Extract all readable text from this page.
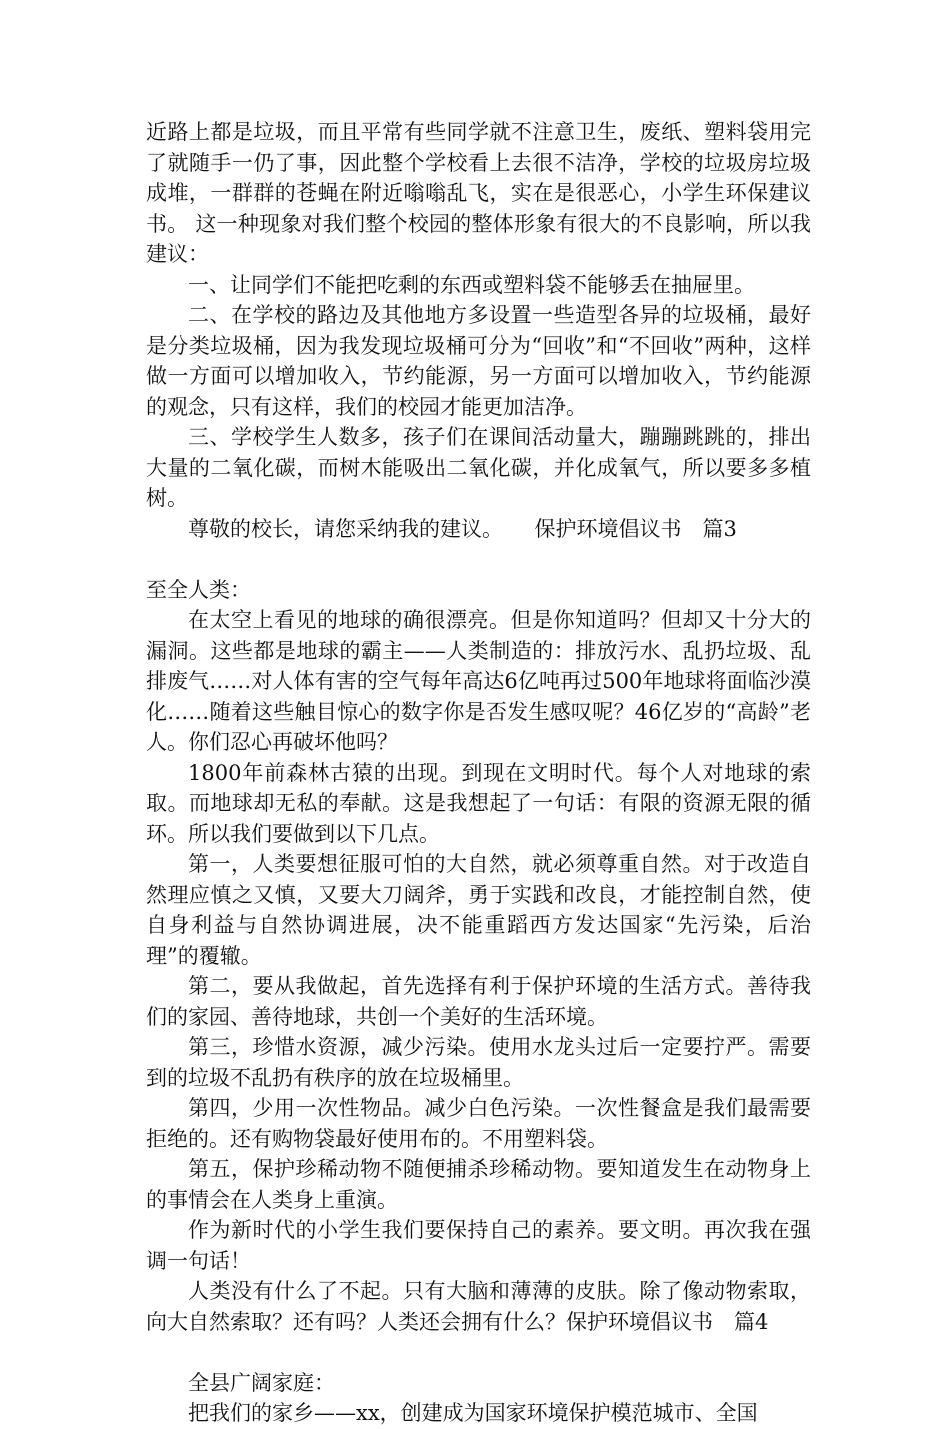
近路上都是垃圾，而且平常有些同学就不注意卫生，废纸、塑料袋用完了就随手一仍了事，因此整个学校看上去很不洁净，学校的垃圾房垃圾成堆，一群群的苍蝇在附近嗡嗡乱飞，实在是很恶心，小学生环保建议书。 这一种现象对我们整个校园的整体形象有很大的不良影响，所以我建议：

一、让同学们不能把吃剩的东西或塑料袋不能够丢在抽屉里。

二、在学校的路边及其他地方多设置一些造型各异的垃圾桶，最好是分类垃圾桶，因为我发现垃圾桶可分为“回收”和“不回收”两种，这样做一方面可以增加收入，节约能源，另一方面可以增加收入，节约能源的观念，只有这样，我们的校园才能更加洁净。

三、学校学生人数多，孩子们在课间活动量大，蹦蹦跳跳的，排出大量的二氧化碳，而树木能吸出二氧化碳，并化成氧气，所以要多多植树。

尊敬的校长，请您采纳我的建议。　　保护环境倡议书　篇3

至全人类：

在太空上看见的地球的确很漂亮。但是你知道吗？但却又十分大的漏洞。这些都是地球的霸主——人类制造的：排放污水、乱扔垃圾、乱排废气……对人体有害的空气每年高达6亿吨再过500年地球将面临沙漠化……随着这些触目惊心的数字你是否发生感叹呢？46亿岁的“高龄”老人。你们忍心再破坏他吗？

1800年前森林古猿的出现。到现在文明时代。每个人对地球的索取。而地球却无私的奉献。这是我想起了一句话：有限的资源无限的循环。所以我们要做到以下几点。

第一，人类要想征服可怕的大自然，就必须尊重自然。对于改造自然理应慎之又慎，又要大刀阔斧，勇于实践和改良，才能控制自然，使自身利益与自然协调进展，决不能重蹈西方发达国家“先污染，后治理”的覆辙。

第二，要从我做起，首先选择有利于保护环境的生活方式。善待我们的家园、善待地球，共创一个美好的生活环境。

第三，珍惜水资源，减少污染。使用水龙头过后一定要拧严。需要到的垃圾不乱扔有秩序的放在垃圾桶里。

第四，少用一次性物品。减少白色污染。一次性餐盒是我们最需要拒绝的。还有购物袋最好使用布的。不用塑料袋。

第五，保护珍稀动物不随便捕杀珍稀动物。要知道发生在动物身上的事情会在人类身上重演。

作为新时代的小学生我们要保持自己的素养。要文明。再次我在强调一句话！

人类没有什么了不起。只有大脑和薄薄的皮肤。除了像动物索取，向大自然索取？还有吗？人类还会拥有什么？保护环境倡议书　篇4

全县广阔家庭：

把我们的家乡——xx，创建成为国家环境保护模范城市、全国
